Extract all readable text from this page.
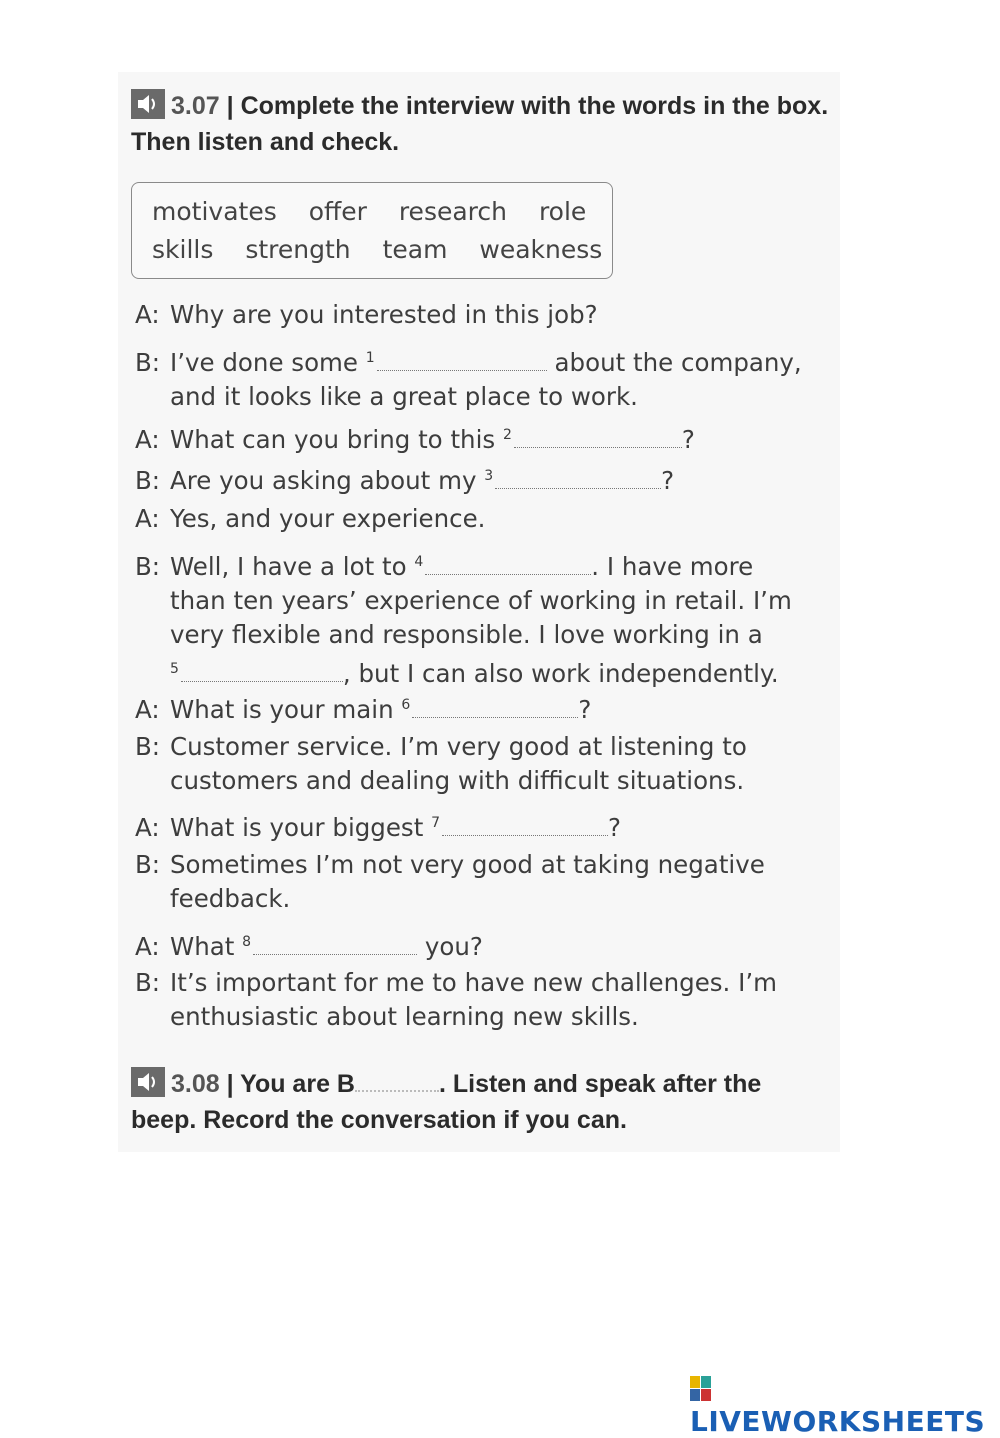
3.07 | Complete the interview with the words in the box. Then listen and check.
motivates offer research role
skills strength team weakness
A: Why are you interested in this job?
B: I’ve done some $^1$	about the company,
and it looks like a great place to work.
A: What can you bring to this $^2$	?
B: Are you asking about my $^3$	?
A: Yes, and your experience.
B: Well, I have a lot to $^4$	. I have more
than ten years’ experience of working in retail. I’m
very flexible and responsible. I love working in a
$^5$	, but I can also work independently.
A: What is your main $^6$	?
B: Customer service. I’m very good at listening to
customers and dealing with difficult situations.
A: What is your biggest $^7$	?
B: Sometimes I’m not very good at taking negative
feedback.
A: What $^8$	you?
B: It’s important for me to have new challenges. I’m
enthusiastic about learning new skills.
3.08 | You are B	. Listen and speak after the
beep. Record the conversation if you can.
LIVEWORKSHEETS
